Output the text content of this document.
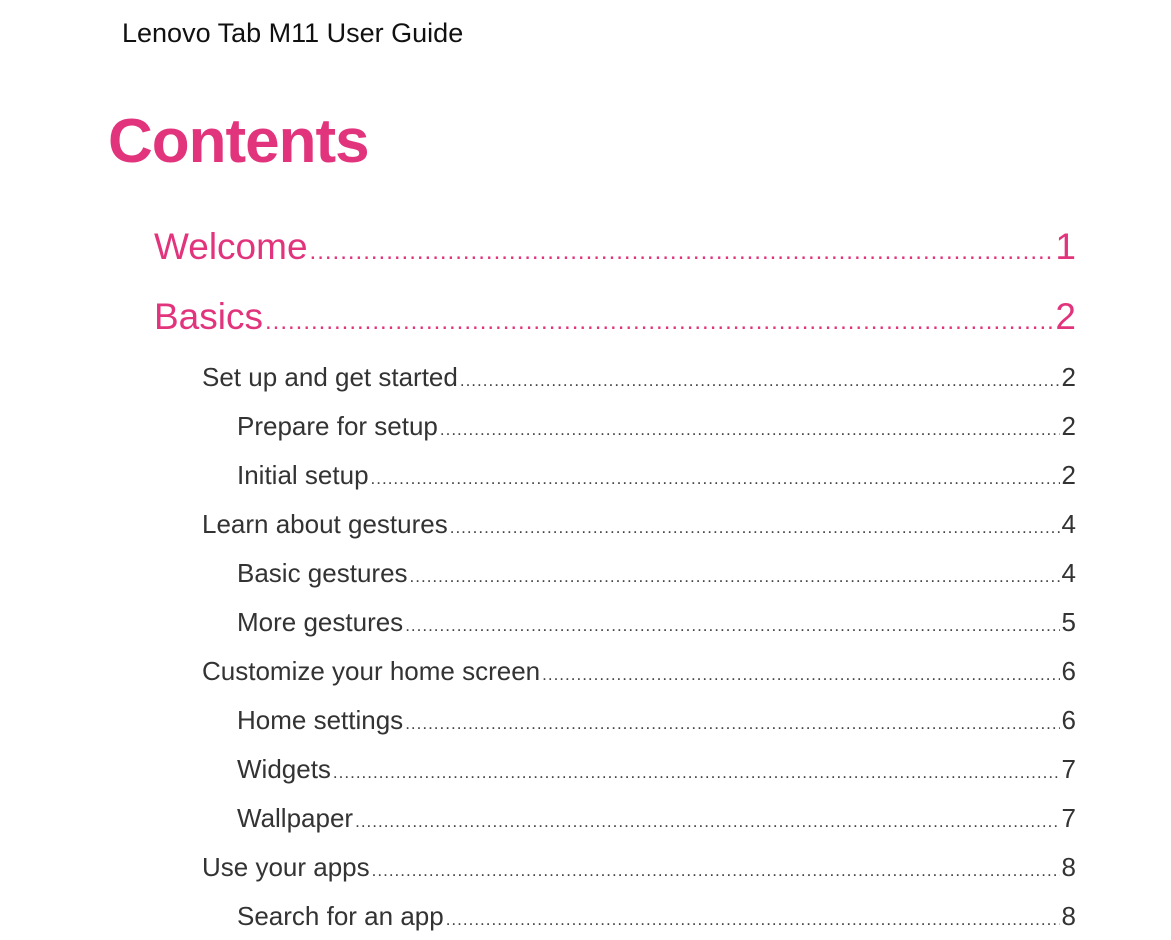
Lenovo Tab M11 User Guide
Contents
Welcome .....	1
Basics .....	2
Set up and get started .....	2
Prepare for setup .....	2
Initial setup .....	2
Learn about gestures .....	4
Basic gestures .....	4
More gestures .....	5
Customize your home screen .....	6
Home settings .....	6
Widgets .....	7
Wallpaper .....	7
Use your apps .....	8
Search for an app .....	8
